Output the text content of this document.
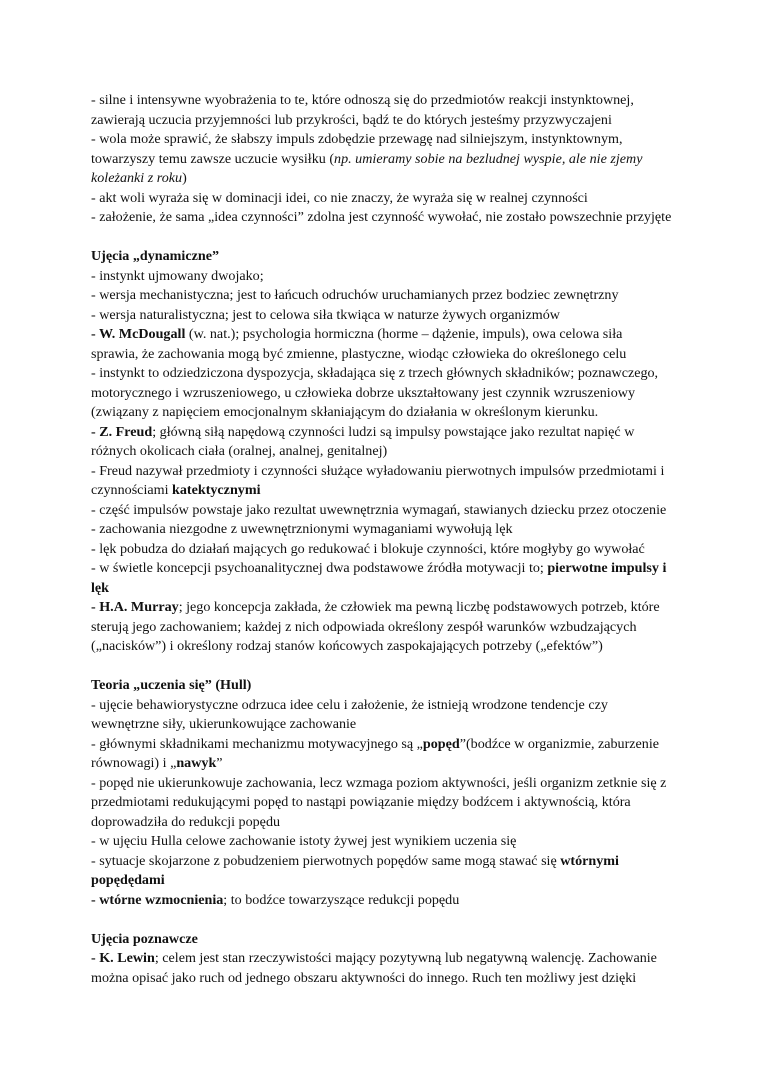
- silne i intensywne wyobrażenia to te, które odnoszą się do przedmiotów reakcji instynktownej,
zawierają uczucia przyjemności lub przykrości, bądź te do których jesteśmy przyzwyczajeni
- wola może sprawić, że słabszy impuls zdobędzie przewagę nad silniejszym, instynktownym,
towarzyszy temu zawsze uczucie wysiłku (np. umieramy sobie na bezludnej wyspie, ale nie zjemy
koleżanki z roku)
- akt woli wyraża się w dominacji idei, co nie znaczy, że wyraża się w realnej czynności
- założenie, że sama „idea czynności” zdolna jest czynność wywołać, nie zostało powszechnie przyjęte
Ujęcia „dynamiczne”
- instynkt ujmowany dwojako;
- wersja mechanistyczna; jest to łańcuch odruchów uruchamianych przez bodziec zewnętrzny
- wersja naturalistyczna; jest to celowa siła tkwiąca w naturze żywych organizmów
- W. McDougall (w. nat.); psychologia hormiczna (horme – dążenie, impuls), owa celowa siła
sprawia, że zachowania mogą być zmienne, plastyczne, wiodąc człowieka do określonego celu
- instynkt to odziedziczona dyspozycja, składająca się z trzech głównych składników; poznawczego,
motorycznego i wzruszeniowego, u człowieka dobrze ukształtowany jest czynnik wzruszeniowy
(związany z napięciem emocjonalnym skłaniającym do działania w określonym kierunku.
- Z. Freud; główną siłą napędową czynności ludzi są impulsy powstające jako rezultat napięć w
różnych okolicach ciała (oralnej, analnej, genitalnej)
- Freud nazywał przedmioty i czynności służące wyładowaniu pierwotnych impulsów przedmiotami i
czynnościami katektycznymi
- część impulsów powstaje jako rezultat uwewnętrznia wymagań, stawianych dziecku przez otoczenie
- zachowania niezgodne z uwewnętrznionymi wymaganiami wywołują lęk
- lęk pobudza do działań mających go redukować i blokuje czynności, które mogłyby go wywołać
- w świetle koncepcji psychoanalitycznej dwa podstawowe źródła motywacji to; pierwotne impulsy i
lęk
- H.A. Murray; jego koncepcja zakłada, że człowiek ma pewną liczbę podstawowych potrzeb, które
sterują jego zachowaniem; każdej z nich odpowiada określony zespół warunków wzbudzających
(„nacisków”) i określony rodzaj stanów końcowych zaspokajających potrzeby („efektów”)
Teoria „uczenia się” (Hull)
- ujęcie behawiorystyczne odrzuca idee celu i założenie, że istnieją wrodzone tendencje czy
wewnętrzne siły, ukierunkowujące zachowanie
- głównymi składnikami mechanizmu motywacyjnego są „popęd”(bodźce w organizmie, zaburzenie
równowagi) i „nawyk”
- popęd nie ukierunkowuje zachowania, lecz wzmaga poziom aktywności, jeśli organizm zetknie się z
przedmiotami redukującymi popęd to nastąpi powiązanie między bodźcem i aktywnością, która
doprowadziła do redukcji popędu
- w ujęciu Hulla celowe zachowanie istoty żywej jest wynikiem uczenia się
- sytuacje skojarzone z pobudzeniem pierwotnych popędów same mogą stawać się wtórnymi
popędędami
- wtórne wzmocnienia; to bodźce towarzyszące redukcji popędu
Ujęcia poznawcze
- K. Lewin; celem jest stan rzeczywistości mający pozytywną lub negatywną walencję. Zachowanie
można opisać jako ruch od jednego obszaru aktywności do innego. Ruch ten możliwy jest dzięki
